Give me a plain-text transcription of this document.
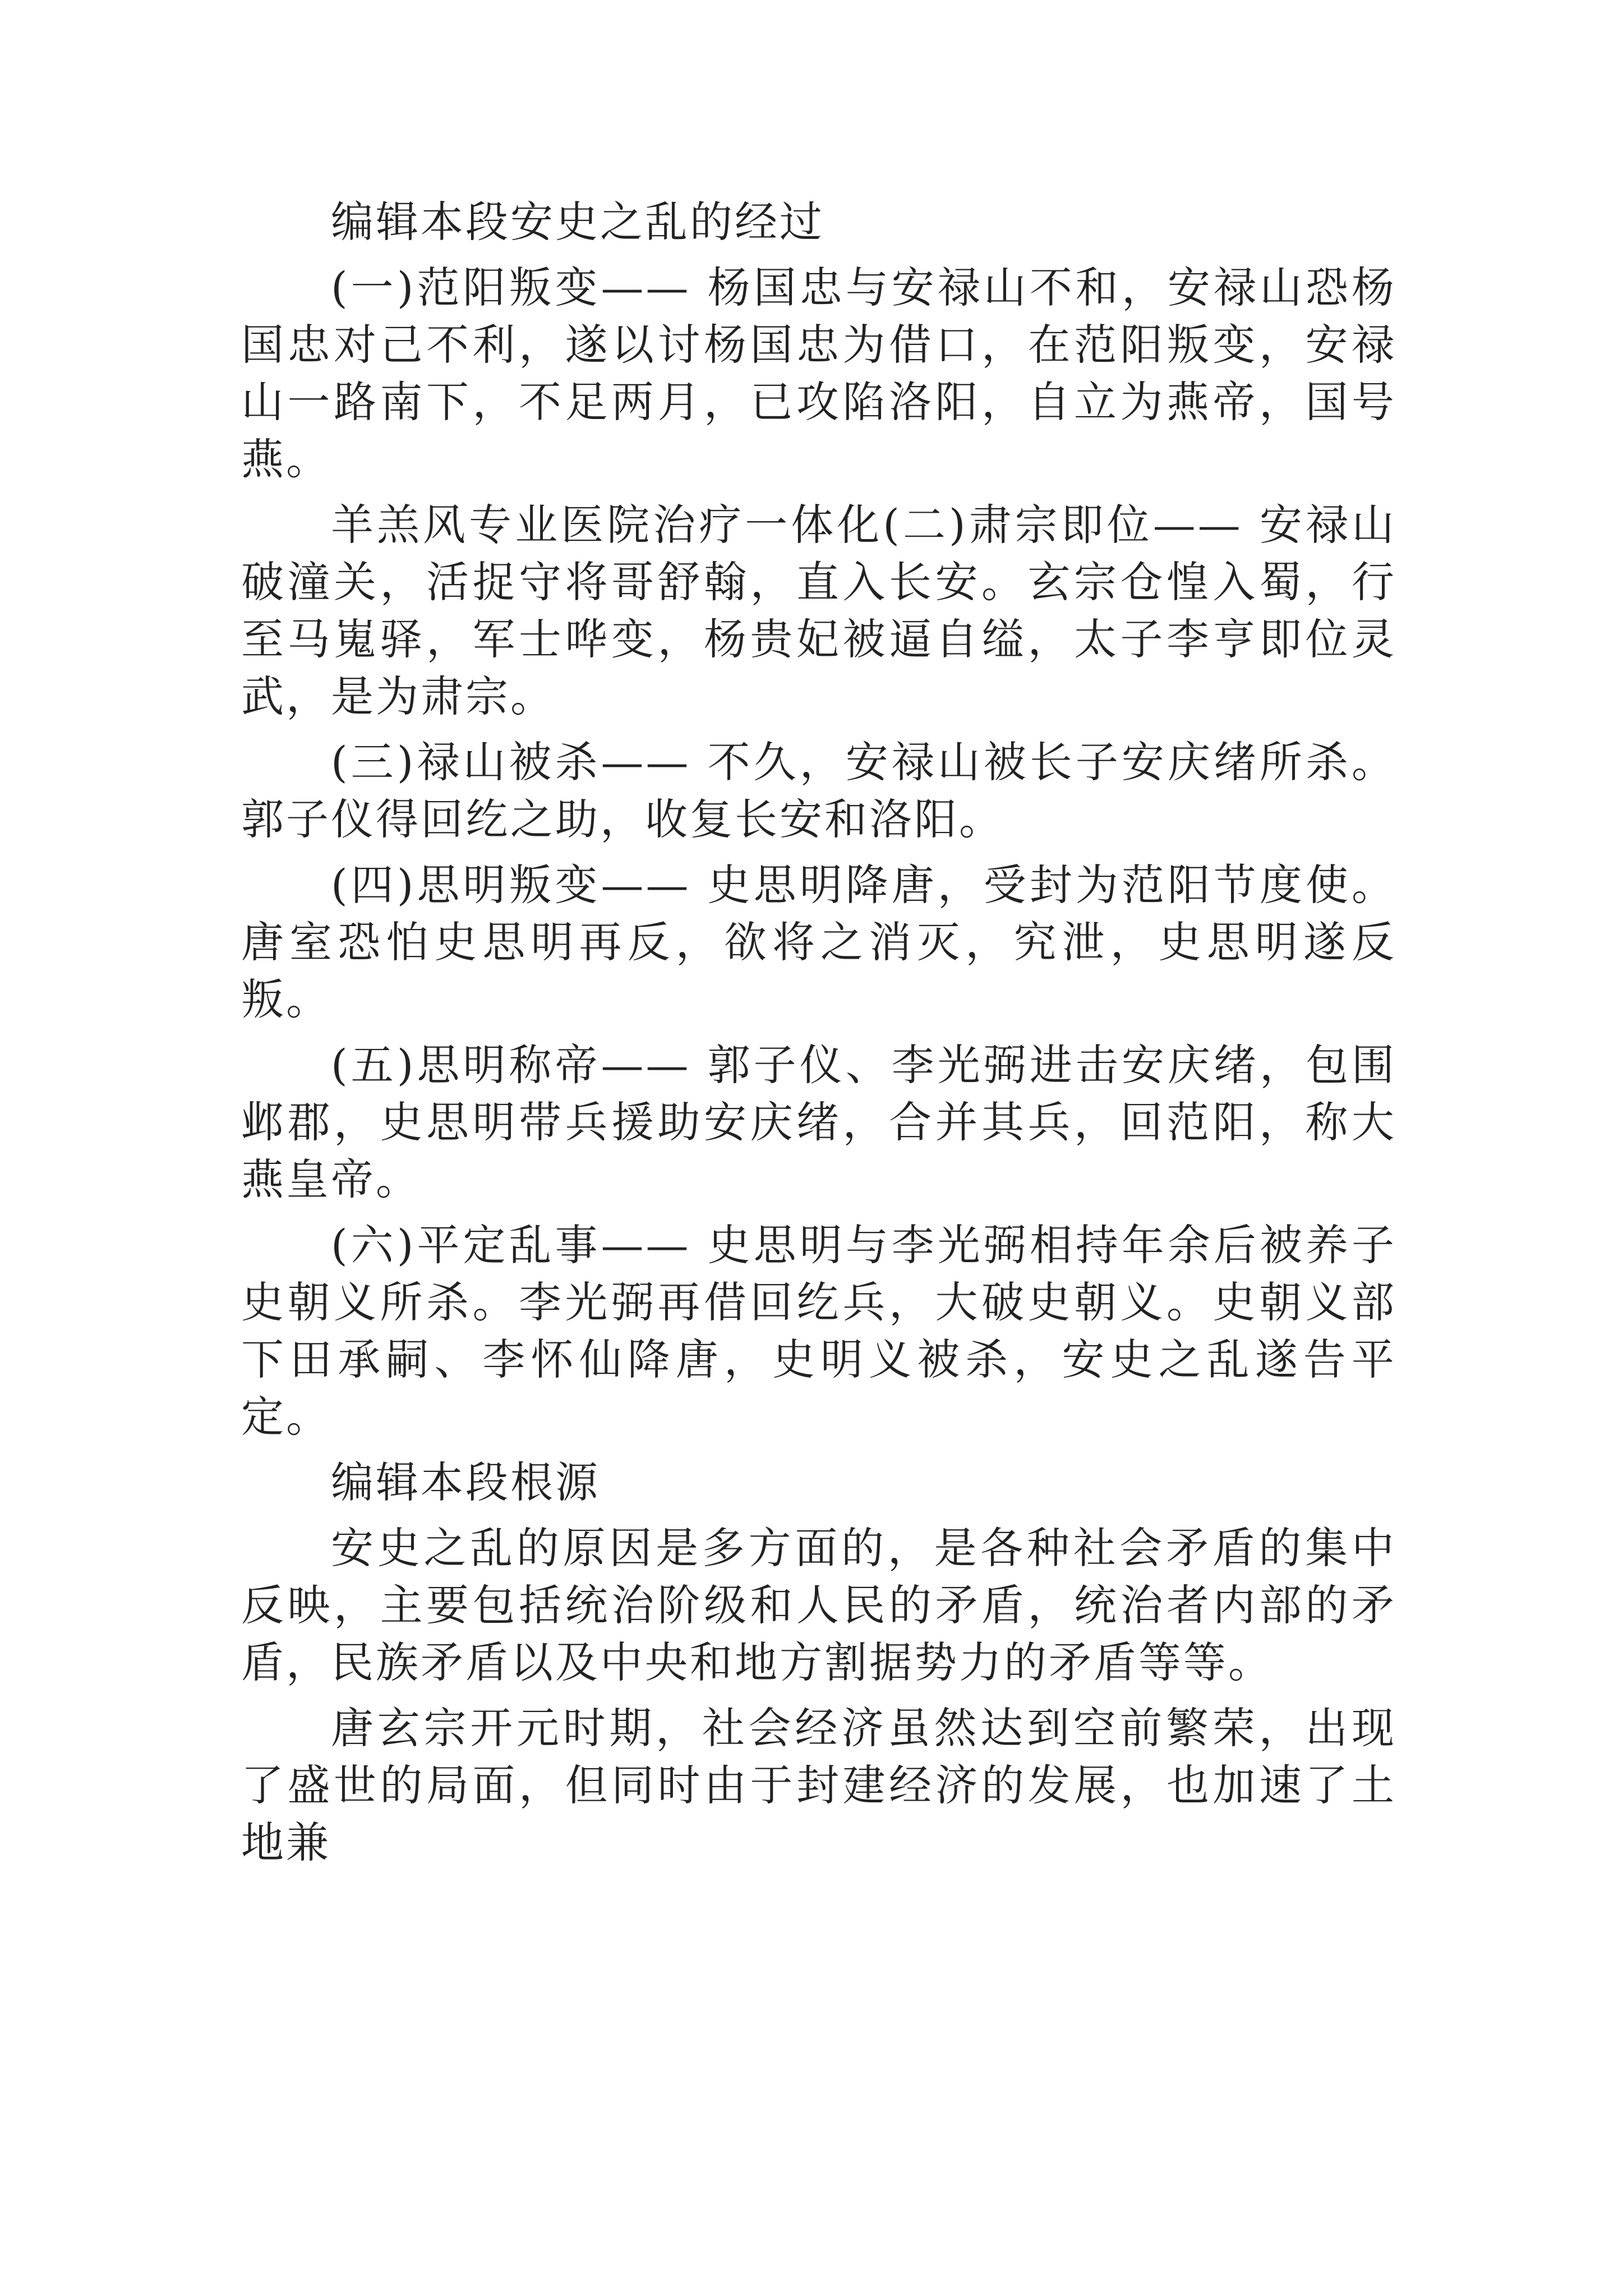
编辑本段安史之乱的经过

(一)范阳叛变—— 杨国忠与安禄山不和，安禄山恐杨国忠对己不利，遂以讨杨国忠为借口，在范阳叛变，安禄山一路南下，不足两月，已攻陷洛阳，自立为燕帝，国号燕。

羊羔风专业医院治疗一体化(二)肃宗即位—— 安禄山破潼关，活捉守将哥舒翰，直入长安。玄宗仓惶入蜀，行至马嵬驿，军士哗变，杨贵妃被逼自缢，太子李亨即位灵武，是为肃宗。

(三)禄山被杀—— 不久，安禄山被长子安庆绪所杀。郭子仪得回纥之助，收复长安和洛阳。

(四)思明叛变—— 史思明降唐，受封为范阳节度使。唐室恐怕史思明再反，欲将之消灭，究泄，史思明遂反叛。

(五)思明称帝—— 郭子仪、李光弼进击安庆绪，包围邺郡，史思明带兵援助安庆绪，合并其兵，回范阳，称大燕皇帝。

(六)平定乱事—— 史思明与李光弼相持年余后被养子史朝义所杀。李光弼再借回纥兵，大破史朝义。史朝义部下田承嗣、李怀仙降唐，史明义被杀，安史之乱遂告平定。

编辑本段根源

安史之乱的原因是多方面的，是各种社会矛盾的集中反映，主要包括统治阶级和人民的矛盾，统治者内部的矛盾，民族矛盾以及中央和地方割据势力的矛盾等等。

唐玄宗开元时期，社会经济虽然达到空前繁荣，出现了盛世的局面，但同时由于封建经济的发展，也加速了土地兼
